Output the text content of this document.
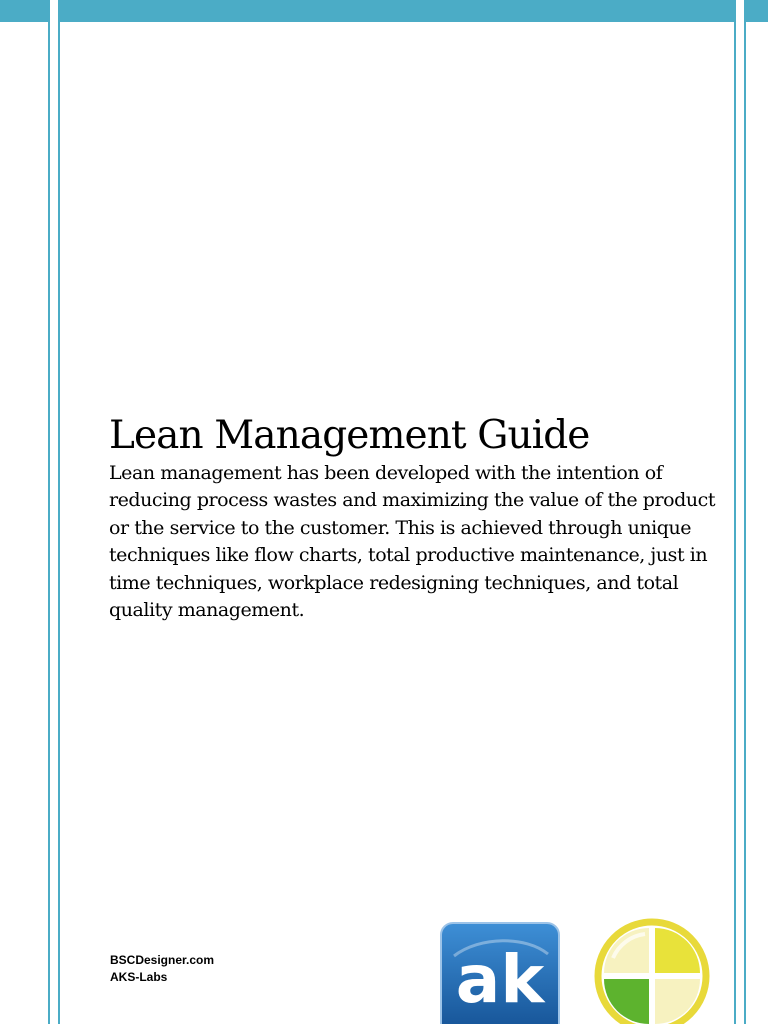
Lean Management Guide

Lean management has been developed with the intention of reducing process wastes and maximizing the value of the product or the service to the customer. This is achieved through unique techniques like flow charts, total productive maintenance, just in time techniques, workplace redesigning techniques, and total quality management.

BSCDesigner.com
AKS-Labs	ak
